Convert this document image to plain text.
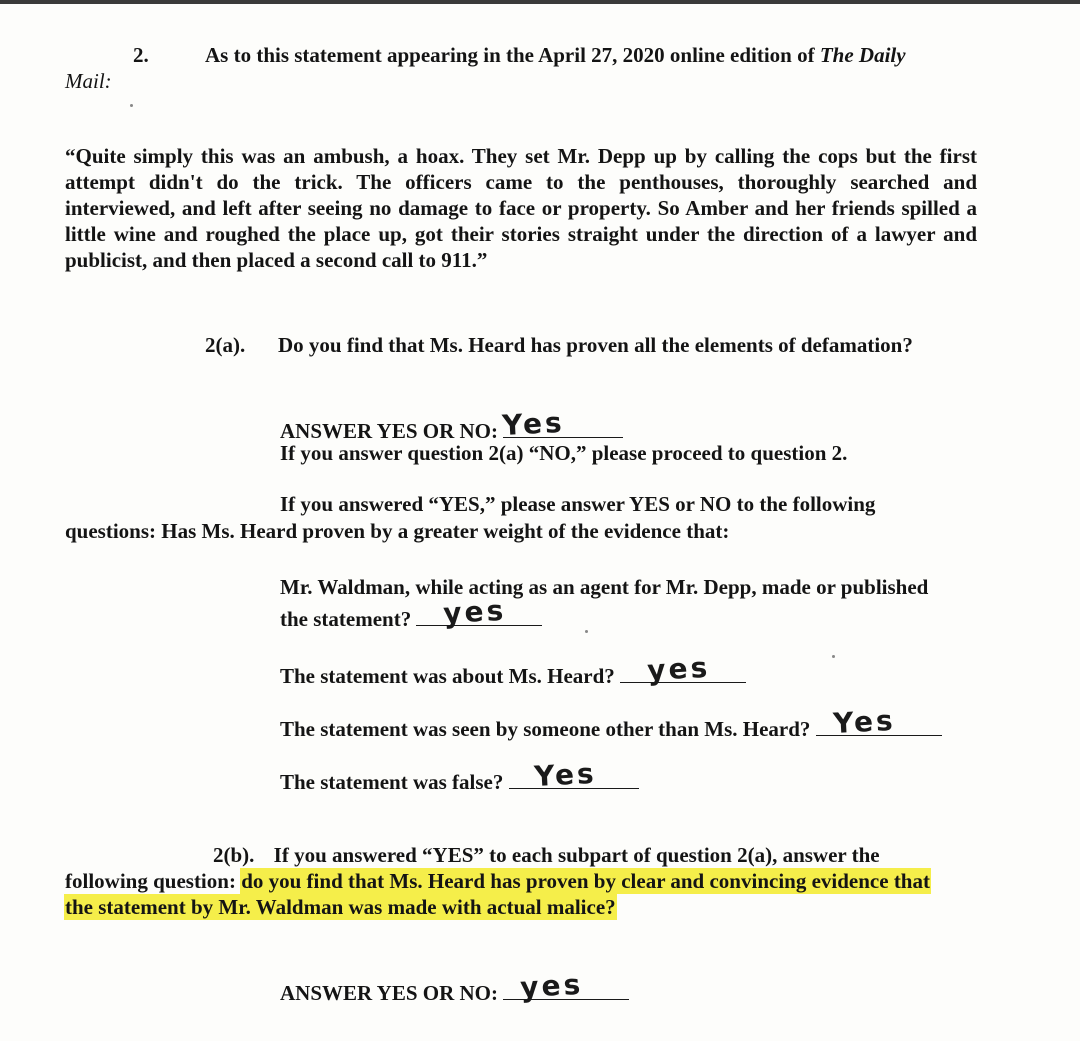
2.	As to this statement appearing in the April 27, 2020 online edition of The Daily
Mail:
“Quite simply this was an ambush, a hoax. They set Mr. Depp up by calling the cops but the first attempt didn't do the trick. The officers came to the penthouses, thoroughly searched and interviewed, and left after seeing no damage to face or property. So Amber and her friends spilled a little wine and roughed the place up, got their stories straight under the direction of a lawyer and publicist, and then placed a second call to 911.”
2(a). Do you find that Ms. Heard has proven all the elements of defamation?
ANSWER YES OR NO: Yes
If you answer question 2(a) “NO,” please proceed to question 2.
If you answered “YES,” please answer YES or NO to the following
questions: Has Ms. Heard proven by a greater weight of the evidence that:
Mr. Waldman, while acting as an agent for Mr. Depp, made or published
the statement? yes
The statement was about Ms. Heard? yes
The statement was seen by someone other than Ms. Heard? Yes
The statement was false? Yes
2(b). If you answered “YES” to each subpart of question 2(a), answer the
following question: do you find that Ms. Heard has proven by clear and convincing evidence that
the statement by Mr. Waldman was made with actual malice?
ANSWER YES OR NO: yes
